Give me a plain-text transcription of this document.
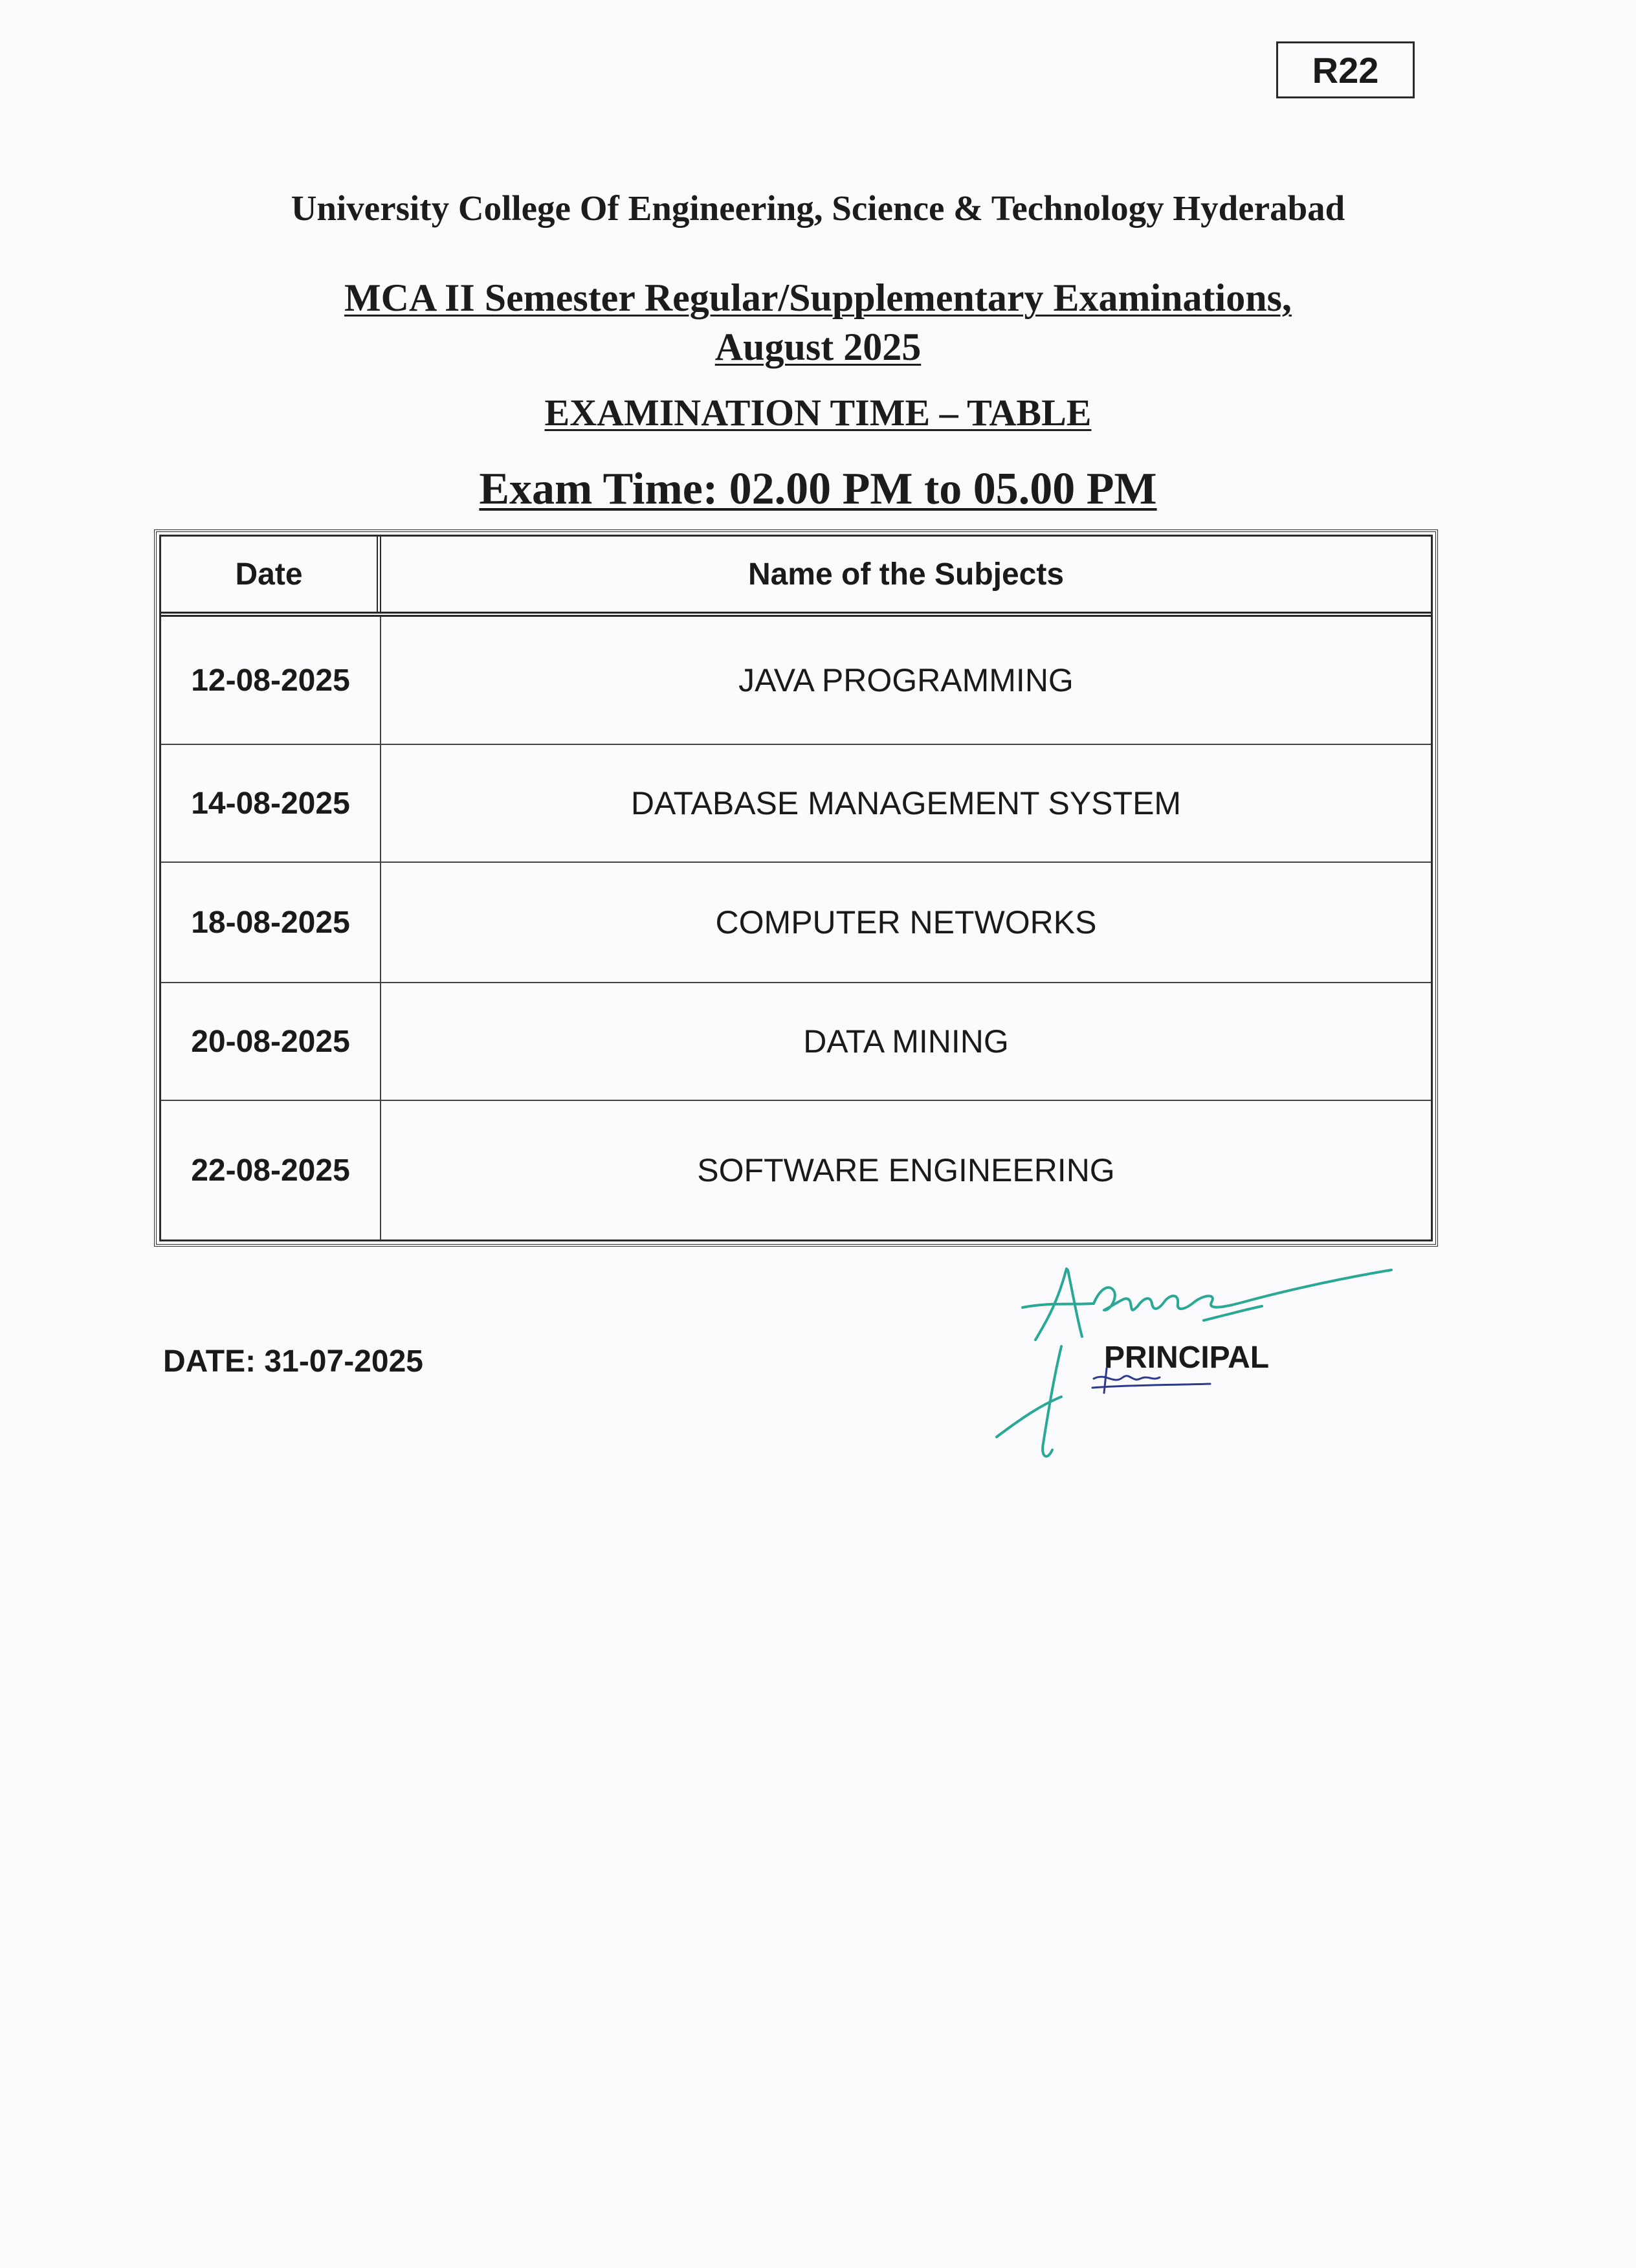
R22
University College Of Engineering, Science & Technology Hyderabad
MCA II Semester Regular/Supplementary Examinations,
August 2025
EXAMINATION TIME – TABLE
Exam Time: 02.00 PM to 05.00 PM
Date	Name of the Subjects
12-08-2025	JAVA PROGRAMMING
14-08-2025	DATABASE MANAGEMENT SYSTEM
18-08-2025	COMPUTER NETWORKS
20-08-2025	DATA MINING
22-08-2025	SOFTWARE ENGINEERING
DATE: 31-07-2025	PRINCIPAL
